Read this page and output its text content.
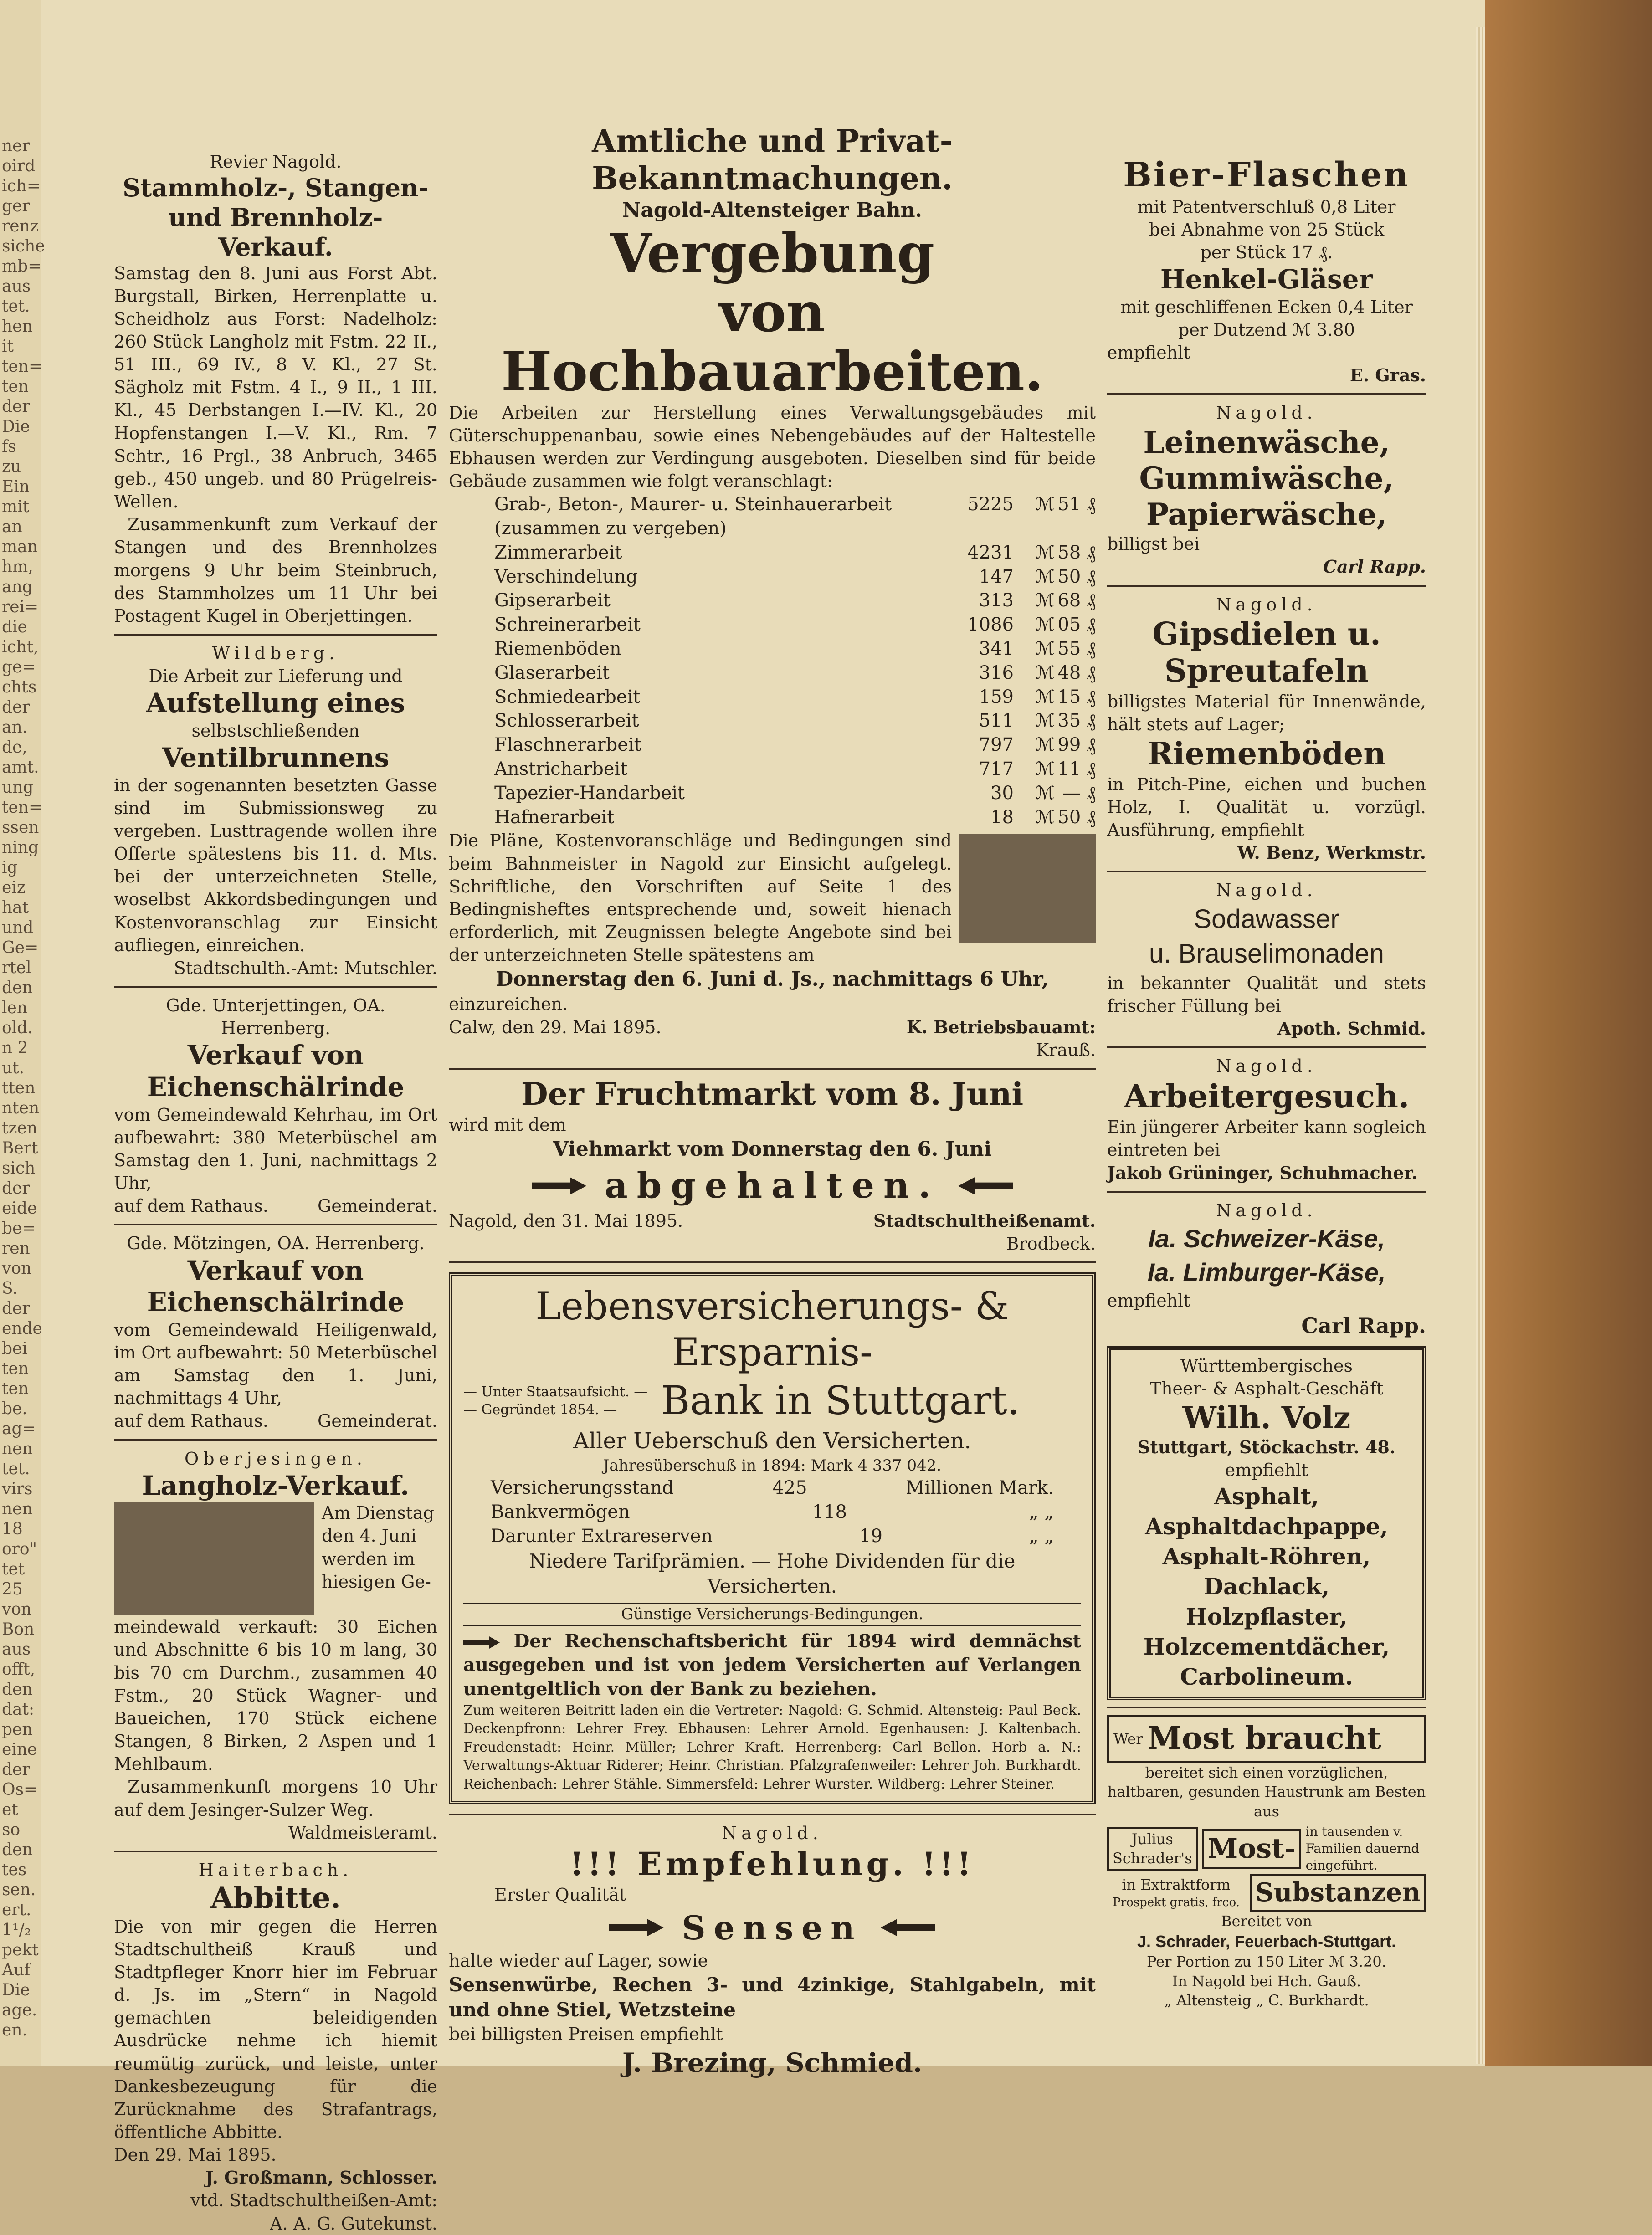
ner
oird
ich=
ger
renz
siche
mb=
aus
tet.
hen
it
ten=
ten
der
Die
fs
zu
Ein
mit
an
man
hm,
ang
rei=
die
icht,
ge=
chts
der
an.
de,
amt.
ung
ten=
ssen
ning
ig
eiz
hat
und
Ge=
rtel
den
len
old.
n 2
ut.
tten
nten
tzen
Bert
sich
der
eide
be=
ren
von
S.
der
ende
bei
ten
ten
be.
ag=
nen
tet.
virs
nen
18
oro"
tet
25
von
Bon
aus
offt,
den
dat:
pen
eine
der
Os=
et
so
den
tes
sen.
ert.
1¹/₂
pekt
Auf
Die
age.
en.
Revier Nagold.
Stammholz-, Stangen- und Brennholz-Verkauf.
Samstag den 8. Juni aus Forst Abt. Burgstall, Birken, Herrenplatte u. Scheidholz aus Forst: Nadelholz: 260 Stück Langholz mit Fstm. 22 II., 51 III., 69 IV., 8 V. Kl., 27 St. Sägholz mit Fstm. 4 I., 9 II., 1 III. Kl., 45 Derbstangen I.—IV. Kl., 20 Hopfenstangen I.—V. Kl., Rm. 7 Schtr., 16 Prgl., 38 Anbruch, 3465 geb., 450 ungeb. und 80 Prügelreis-Wellen.
Zusammenkunft zum Verkauf der Stangen und des Brennholzes morgens 9 Uhr beim Steinbruch, des Stammholzes um 11 Uhr bei Postagent Kugel in Oberjettingen.
Wildberg.
Die Arbeit zur Lieferung und
Aufstellung eines
selbstschließenden
Ventilbrunnens
in der sogenannten besetzten Gasse sind im Submissionsweg zu vergeben. Lusttragende wollen ihre Offerte spätestens bis 11. d. Mts. bei der unterzeichneten Stelle, woselbst Akkordsbedingungen und Kostenvoranschlag zur Einsicht aufliegen, einreichen.
Stadtschulth.-Amt: Mutschler.
Gde. Unterjettingen, OA. Herrenberg.
Verkauf von Eichenschälrinde
vom Gemeindewald Kehrhau, im Ort aufbewahrt: 380 Meterbüschel am Samstag den 1. Juni, nachmittags 2 Uhr,
auf dem Rathaus.	Gemeinderat.
Gde. Mötzingen, OA. Herrenberg.
Verkauf von Eichenschälrinde
vom Gemeindewald Heiligenwald, im Ort aufbewahrt: 50 Meterbüschel am Samstag den 1. Juni, nachmittags 4 Uhr,
auf dem Rathaus.	Gemeinderat.
Oberjesingen.
Langholz-Verkauf.
Am Dienstag den 4. Juni werden im hiesigen Ge-
meindewald verkauft: 30 Eichen und Abschnitte 6 bis 10 m lang, 30 bis 70 cm Durchm., zusammen 40 Fstm., 20 Stück Wagner- und Baueichen, 170 Stück eichene Stangen, 8 Birken, 2 Aspen und 1 Mehlbaum.
Zusammenkunft morgens 10 Uhr auf dem Jesinger-Sulzer Weg.
Waldmeisteramt.
Haiterbach.
Abbitte.
Die von mir gegen die Herren Stadtschultheiß Krauß und Stadtpfleger Knorr hier im Februar d. Js. im „Stern“ in Nagold gemachten beleidigenden Ausdrücke nehme ich hiemit reumütig zurück, und leiste, unter Dankesbezeugung für die Zurücknahme des Strafantrags, öffentliche Abbitte.
Den 29. Mai 1895.
J. Großmann, Schlosser.
vtd. Stadtschultheißen-Amt:
A. A. G. Gutekunst.
Amtliche und Privat-Bekanntmachungen.
Nagold-Altensteiger Bahn.
Vergebung
von Hochbauarbeiten.
Die Arbeiten zur Herstellung eines Verwaltungsgebäudes mit Güterschuppenanbau, sowie eines Nebengebäudes auf der Haltestelle Ebhausen werden zur Verdingung ausgeboten. Dieselben sind für beide Gebäude zusammen wie folgt veranschlagt:
Grab-, Beton-, Maurer- u. Steinhauerarbeit (zusammen zu vergeben)
5225	ℳ 51 ₰
Zimmerarbeit	4231	ℳ 58 ₰
Verschindelung	147	ℳ 50 ₰
Gipserarbeit	313	ℳ 68 ₰
Schreinerarbeit	1086	ℳ 05 ₰
Riemenböden	341	ℳ 55 ₰
Glaserarbeit	316	ℳ 48 ₰
Schmiedearbeit	159	ℳ 15 ₰
Schlosserarbeit	511	ℳ 35 ₰
Flaschnerarbeit	797	ℳ 99 ₰
Anstricharbeit	717	ℳ 11 ₰
Tapezier-Handarbeit	30	ℳ — ₰
Hafnerarbeit	18	ℳ 50 ₰
Die Pläne, Kostenvoranschläge und Bedingungen sind beim Bahnmeister in Nagold zur Einsicht aufgelegt. Schriftliche, den Vorschriften auf Seite 1 des Bedingnisheftes entsprechende und, soweit hienach erforderlich, mit Zeugnissen belegte Angebote sind bei der unterzeichneten Stelle spätestens am
Donnerstag den 6. Juni d. Js., nachmittags 6 Uhr,
einzureichen.
Calw, den 29. Mai 1895.	K. Betriebsbauamt:
Krauß.
Der Fruchtmarkt vom 8. Juni
wird mit dem
Viehmarkt vom Donnerstag den 6. Juni
abgehalten.
Nagold, den 31. Mai 1895.	Stadtschultheißenamt.
Brodbeck.
Lebensversicherungs- & Ersparnis-
— Unter Staatsaufsicht. —
— Gegründet 1854. —	Bank in Stuttgart.
Aller Ueberschuß den Versicherten.
Jahresüberschuß in 1894: Mark 4 337 042.
Versicherungsstand	425	Millionen Mark.
Bankvermögen	118	„ „
Darunter Extrareserven	19	„ „
Niedere Tarifprämien. — Hohe Dividenden für die Versicherten.
Günstige Versicherungs-Bedingungen.
Der Rechenschaftsbericht für 1894 wird demnächst ausgegeben und ist von jedem Versicherten auf Verlangen unentgeltlich von der Bank zu beziehen.
Zum weiteren Beitritt laden ein die Vertreter: Nagold: G. Schmid. Altensteig: Paul Beck. Deckenpfronn: Lehrer Frey. Ebhausen: Lehrer Arnold. Egenhausen: J. Kaltenbach. Freudenstadt: Heinr. Müller; Lehrer Kraft. Herrenberg: Carl Bellon. Horb a. N.: Verwaltungs-Aktuar Riderer; Heinr. Christian. Pfalzgrafenweiler: Lehrer Joh. Burkhardt. Reichenbach: Lehrer Stähle. Simmersfeld: Lehrer Wurster. Wildberg: Lehrer Steiner.
Nagold.
!!! Empfehlung. !!!
Erster Qualität
Sensen
halte wieder auf Lager, sowie
Sensenwürbe, Rechen 3- und 4zinkige, Stahlgabeln, mit und ohne Stiel, Wetzsteine
bei billigsten Preisen empfiehlt
J. Brezing, Schmied.
Bier-Flaschen
mit Patentverschluß 0,8 Liter
bei Abnahme von 25 Stück
per Stück 17 ₰.
Henkel-Gläser
mit geschliffenen Ecken 0,4 Liter
per Dutzend ℳ 3.80
empfiehlt
E. Gras.
Nagold.
Leinenwäsche,
Gummiwäsche,
Papierwäsche,
billigst bei
Carl Rapp.
Nagold.
Gipsdielen u.
Spreutafeln
billigstes Material für Innenwände, hält stets auf Lager;
Riemenböden
in Pitch-Pine, eichen und buchen Holz, I. Qualität u. vorzügl. Ausführung, empfiehlt
W. Benz, Werkmstr.
Nagold.
Sodawasser
u. Brauselimonaden
in bekannter Qualität und stets frischer Füllung bei
Apoth. Schmid.
Nagold.
Arbeitergesuch.
Ein jüngerer Arbeiter kann sogleich eintreten bei
Jakob Grüninger, Schuhmacher.
Nagold.
Ia. Schweizer-Käse,
Ia. Limburger-Käse,
empfiehlt
Carl Rapp.
Württembergisches
Theer- & Asphalt-Geschäft
Wilh. Volz
Stuttgart, Stöckachstr. 48.
empfiehlt
Asphalt,
Asphaltdachpappe,
Asphalt-Röhren,
Dachlack,
Holzpflaster,
Holzcementdächer,
Carbolineum.
Wer Most braucht
bereitet sich einen vorzüglichen, haltbaren, gesunden Haustrunk am Besten aus
Julius
Schrader's Most-
in tausenden v. Familien dauernd eingeführt.
in Extraktform
Prospekt gratis, frco. Substanzen
Bereitet von
J. Schrader, Feuerbach-Stuttgart.
Per Portion zu 150 Liter ℳ 3.20.
In Nagold bei Hch. Gauß.
„ Altensteig „ C. Burkhardt.
